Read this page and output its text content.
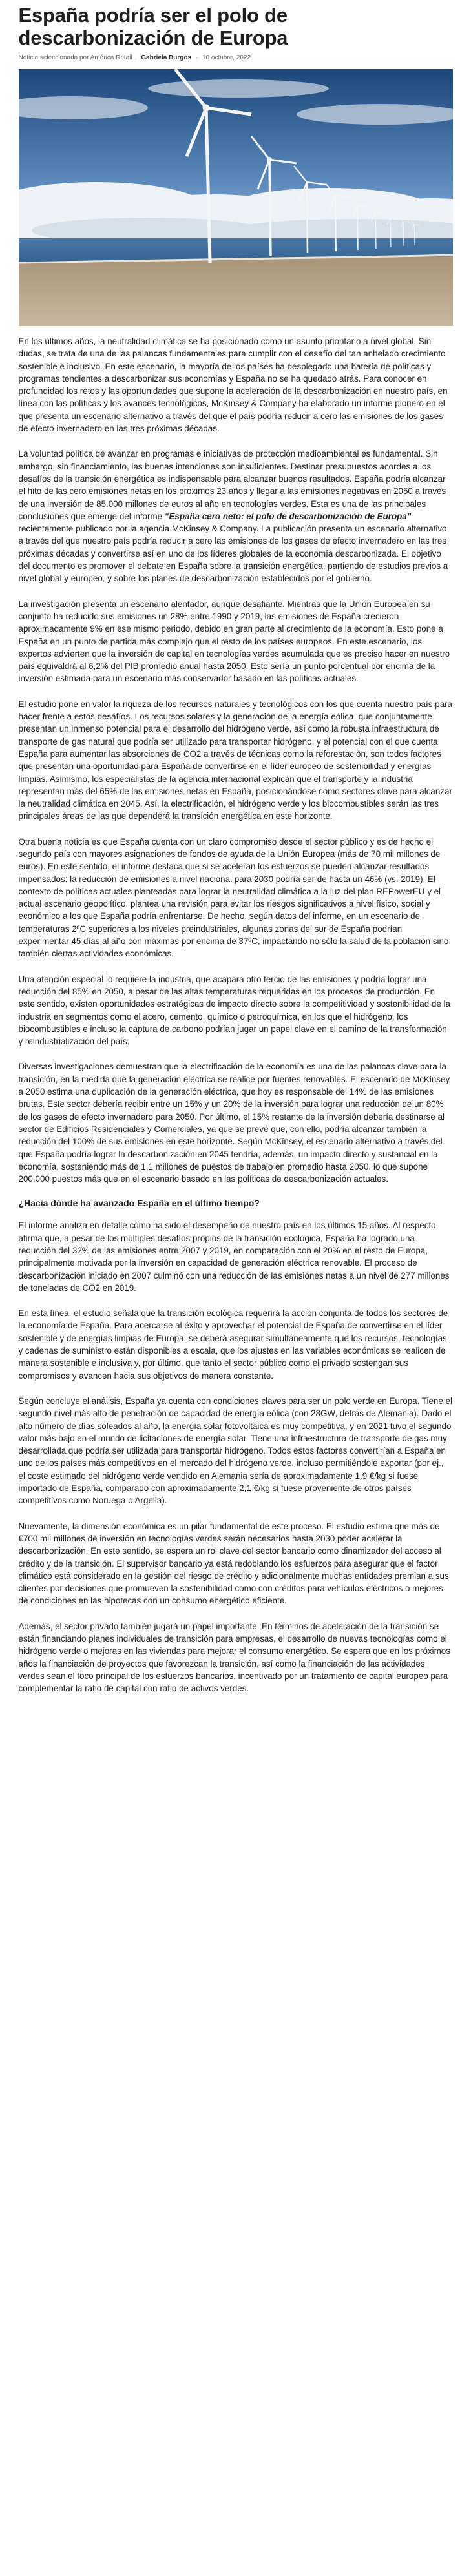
España podría ser el polo de descarbonización de Europa
Noticia seleccionada por América Retail . Gabriela Burgos · 10 octubre, 2022

En los últimos años, la neutralidad climática se ha posicionado como un asunto prioritario a nivel global. Sin dudas, se trata de una de las palancas fundamentales para cumplir con el desafío del tan anhelado crecimiento sostenible e inclusivo. En este escenario, la mayoría de los países ha desplegado una batería de políticas y programas tendientes a descarbonizar sus economías y España no se ha quedado atrás. Para conocer en profundidad los retos y las oportunidades que supone la aceleración de la descarbonización en nuestro país, en línea con las políticas y los avances tecnológicos, McKinsey & Company ha elaborado un informe pionero en el que presenta un escenario alternativo a través del que el país podría reducir a cero las emisiones de los gases de efecto invernadero en las tres próximas décadas.

La voluntad política de avanzar en programas e iniciativas de protección medioambiental es fundamental. Sin embargo, sin financiamiento, las buenas intenciones son insuficientes. Destinar presupuestos acordes a los desafíos de la transición energética es indispensable para alcanzar buenos resultados. España podría alcanzar el hito de las cero emisiones netas en los próximos 23 años y llegar a las emisiones negativas en 2050 a través de una inversión de 85.000 millones de euros al año en tecnologías verdes. Esta es una de las principales conclusiones que emerge del informe “España cero neto: el polo de descarbonización de Europa” recientemente publicado por la agencia McKinsey & Company. La publicación presenta un escenario alternativo a través del que nuestro país podría reducir a cero las emisiones de los gases de efecto invernadero en las tres próximas décadas y convertirse así en uno de los líderes globales de la economía descarbonizada. El objetivo del documento es promover el debate en España sobre la transición energética, partiendo de estudios previos a nivel global y europeo, y sobre los planes de descarbonización establecidos por el gobierno.

La investigación presenta un escenario alentador, aunque desafiante. Mientras que la Unión Europea en su conjunto ha reducido sus emisiones un 28% entre 1990 y 2019, las emisiones de España crecieron aproximadamente 9% en ese mismo periodo, debido en gran parte al crecimiento de la economía. Esto pone a España en un punto de partida más complejo que el resto de los países europeos. En este escenario, los expertos advierten que la inversión de capital en tecnologías verdes acumulada que es preciso hacer en nuestro país equivaldrá al 6,2% del PIB promedio anual hasta 2050. Esto sería un punto porcentual por encima de la inversión estimada para un escenario más conservador basado en las políticas actuales.

El estudio pone en valor la riqueza de los recursos naturales y tecnológicos con los que cuenta nuestro país para hacer frente a estos desafíos. Los recursos solares y la generación de la energía eólica, que conjuntamente presentan un inmenso potencial para el desarrollo del hidrógeno verde, así como la robusta infraestructura de transporte de gas natural que podría ser utilizado para transportar hidrógeno, y el potencial con el que cuenta España para aumentar las absorciones de CO2 a través de técnicas como la reforestación, son todos factores que presentan una oportunidad para España de convertirse en el líder europeo de sostenibilidad y energías limpias. Asimismo, los especialistas de la agencia internacional explican que el transporte y la industria representan más del 65% de las emisiones netas en España, posicionándose como sectores clave para alcanzar la neutralidad climática en 2045. Así, la electrificación, el hidrógeno verde y los biocombustibles serán las tres principales áreas de las que dependerá la transición energética en este horizonte.

Otra buena noticia es que España cuenta con un claro compromiso desde el sector público y es de hecho el segundo país con mayores asignaciones de fondos de ayuda de la Unión Europea (más de 70 mil millones de euros). En este sentido, el informe destaca que si se aceleran los esfuerzos se pueden alcanzar resultados impensados: la reducción de emisiones a nivel nacional para 2030 podría ser de hasta un 46% (vs. 2019). El contexto de políticas actuales planteadas para lograr la neutralidad climática a la luz del plan REPowerEU y el actual escenario geopolítico, plantea una revisión para evitar los riesgos significativos a nivel físico, social y económico a los que España podría enfrentarse. De hecho, según datos del informe, en un escenario de temperaturas 2ºC superiores a los niveles preindustriales, algunas zonas del sur de España podrían experimentar 45 días al año con máximas por encima de 37ºC, impactando no sólo la salud de la población sino también ciertas actividades económicas.

Una atención especial lo requiere la industria, que acapara otro tercio de las emisiones y podría lograr una reducción del 85% en 2050, a pesar de las altas temperaturas requeridas en los procesos de producción. En este sentido, existen oportunidades estratégicas de impacto directo sobre la competitividad y sostenibilidad de la industria en segmentos como el acero, cemento, químico o petroquímica, en los que el hidrógeno, los biocombustibles e incluso la captura de carbono podrían jugar un papel clave en el camino de la transformación y reindustrialización del país.

Diversas investigaciones demuestran que la electrificación de la economía es una de las palancas clave para la transición, en la medida que la generación eléctrica se realice por fuentes renovables. El escenario de McKinsey a 2050 estima una duplicación de la generación eléctrica, que hoy es responsable del 14% de las emisiones brutas. Este sector debería recibir entre un 15% y un 20% de la inversión para lograr una reducción de un 80% de los gases de efecto invernadero para 2050. Por último, el 15% restante de la inversión debería destinarse al sector de Edificios Residenciales y Comerciales, ya que se prevé que, con ello, podría alcanzar también la reducción del 100% de sus emisiones en este horizonte. Según McKinsey, el escenario alternativo a través del que España podría lograr la descarbonización en 2045 tendría, además, un impacto directo y sustancial en la economía, sosteniendo más de 1,1 millones de puestos de trabajo en promedio hasta 2050, lo que supone 200.000 puestos más que en el escenario basado en las políticas de descarbonización actuales.

¿Hacia dónde ha avanzado España en el último tiempo?

El informe analiza en detalle cómo ha sido el desempeño de nuestro país en los últimos 15 años. Al respecto, afirma que, a pesar de los múltiples desafíos propios de la transición ecológica, España ha logrado una reducción del 32% de las emisiones entre 2007 y 2019, en comparación con el 20% en el resto de Europa, principalmente motivada por la inversión en capacidad de generación eléctrica renovable. El proceso de descarbonización iniciado en 2007 culminó con una reducción de las emisiones netas a un nivel de 277 millones de toneladas de CO2 en 2019.

En esta línea, el estudio señala que la transición ecológica requerirá la acción conjunta de todos los sectores de la economía de España. Para acercarse al éxito y aprovechar el potencial de España de convertirse en el líder sostenible y de energías limpias de Europa, se deberá asegurar simultáneamente que los recursos, tecnologías y cadenas de suministro están disponibles a escala, que los ajustes en las variables económicas se realicen de manera sostenible e inclusiva y, por último, que tanto el sector público como el privado sostengan sus compromisos y avancen hacia sus objetivos de manera constante.

Según concluye el análisis, España ya cuenta con condiciones claves para ser un polo verde en Europa. Tiene el segundo nivel más alto de penetración de capacidad de energía eólica (con 28GW, detrás de Alemania). Dado el alto número de días soleados al año, la energía solar fotovoltaica es muy competitiva, y en 2021 tuvo el segundo valor más bajo en el mundo de licitaciones de energía solar. Tiene una infraestructura de transporte de gas muy desarrollada que podría ser utilizada para transportar hidrógeno. Todos estos factores convertirían a España en uno de los países más competitivos en el mercado del hidrógeno verde, incluso permitiéndole exportar (por ej., el coste estimado del hidrógeno verde vendido en Alemania sería de aproximadamente 1,9 €/kg si fuese importado de España, comparado con aproximadamente 2,1 €/kg si fuese proveniente de otros países competitivos como Noruega o Argelia).

Nuevamente, la dimensión económica es un pilar fundamental de este proceso. El estudio estima que más de €700 mil millones de inversión en tecnologías verdes serán necesarios hasta 2030 poder acelerar la descarbonización. En este sentido, se espera un rol clave del sector bancario como dinamizador del acceso al crédito y de la transición. El supervisor bancario ya está redoblando los esfuerzos para asegurar que el factor climático está considerado en la gestión del riesgo de crédito y adicionalmente muchas entidades premian a sus clientes por decisiones que promueven la sostenibilidad como con créditos para vehículos eléctricos o mejores de condiciones en las hipotecas con un consumo energético eficiente.

Además, el sector privado también jugará un papel importante. En términos de aceleración de la transición se están financiando planes individuales de transición para empresas, el desarrollo de nuevas tecnologías como el hidrógeno verde o mejoras en las viviendas para mejorar el consumo energético. Se espera que en los próximos años la financiación de proyectos que favorezcan la transición, así como la financiación de las actividades verdes sean el foco principal de los esfuerzos bancarios, incentivado por un tratamiento de capital europeo para complementar la ratio de capital con ratio de activos verdes.
